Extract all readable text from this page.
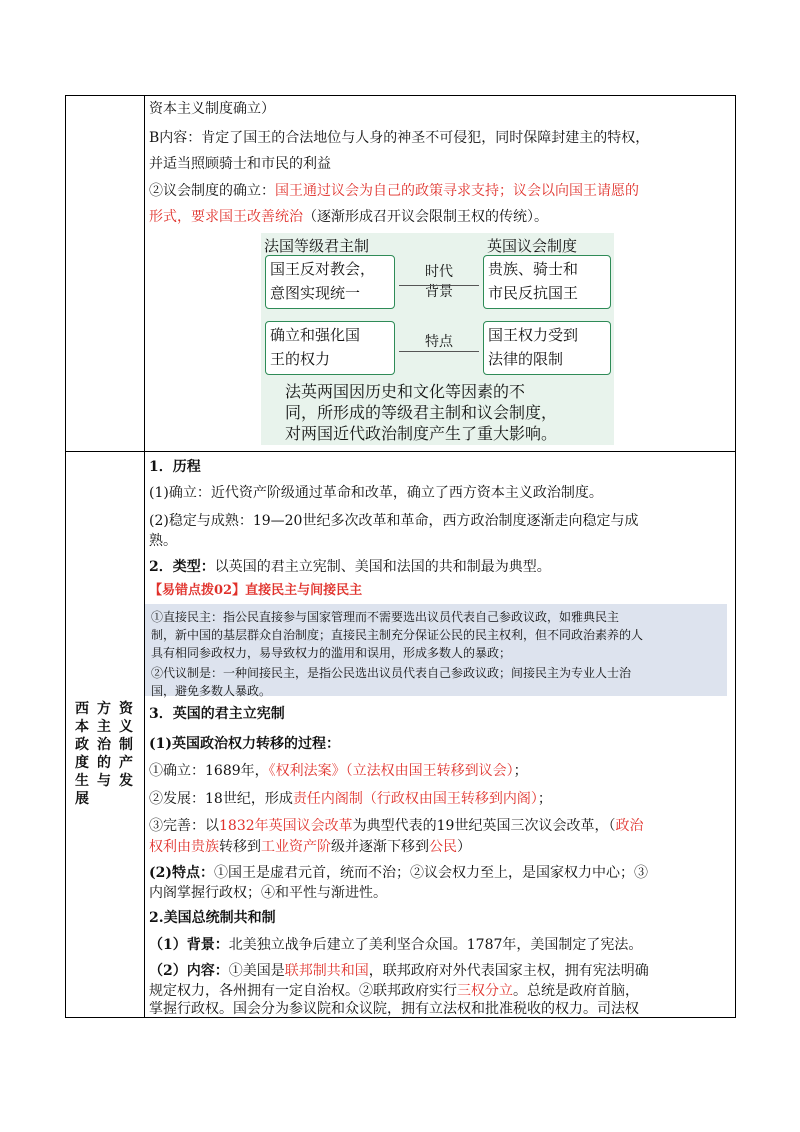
资本主义制度确立）
B内容：肯定了国王的合法地位与人身的神圣不可侵犯，同时保障封建主的特权，
并适当照顾骑士和市民的利益
②议会制度的确立：国王通过议会为自己的政策寻求支持；议会以向国王请愿的
形式，要求国王改善统治（逐渐形成召开议会限制王权的传统）。
法国等级君主制	英国议会制度
国王反对教会，
意图实现统一
时代
背景
贵族、骑士和
市民反抗国王
确立和强化国
王的权力
特点	国王权力受到
法律的限制
法英两国因历史和文化等因素的不
同，所形成的等级君主制和议会制度，
对两国近代政治制度产生了重大影响。
西本政度生展
方主治的与
资义制产发
1．历程
(1)确立：近代资产阶级通过革命和改革，确立了西方资本主义政治制度。
(2)稳定与成熟：19—20世纪多次改革和革命，西方政治制度逐渐走向稳定与成
熟。
2．类型：以英国的君主立宪制、美国和法国的共和制最为典型。
【易错点拨02】直接民主与间接民主
①直接民主：指公民直接参与国家管理而不需要选出议员代表自己参政议政，如雅典民主
制，新中国的基层群众自治制度；直接民主制充分保证公民的民主权利，但不同政治素养的人
具有相同参政权力，易导致权力的滥用和误用，形成多数人的暴政；
②代议制是：一种间接民主，是指公民选出议员代表自己参政议政；间接民主为专业人士治
国，避免多数人暴政。
3．英国的君主立宪制
(1)英国政治权力转移的过程：
①确立：1689年，《权利法案》（立法权由国王转移到议会）；
②发展：18世纪，形成责任内阁制（行政权由国王转移到内阁）；
③完善：以1832年英国议会改革为典型代表的19世纪英国三次议会改革，（政治
权利由贵族转移到工业资产阶级并逐渐下移到公民）
(2)特点：①国王是虚君元首，统而不治；②议会权力至上，是国家权力中心；③
内阁掌握行政权；④和平性与渐进性。
2.美国总统制共和制
（1）背景：北美独立战争后建立了美利坚合众国。1787年，美国制定了宪法。
（2）内容：①美国是联邦制共和国，联邦政府对外代表国家主权，拥有宪法明确
规定权力，各州拥有一定自治权。②联邦政府实行三权分立。总统是政府首脑，
掌握行政权。国会分为参议院和众议院，拥有立法权和批准税收的权力。司法权
